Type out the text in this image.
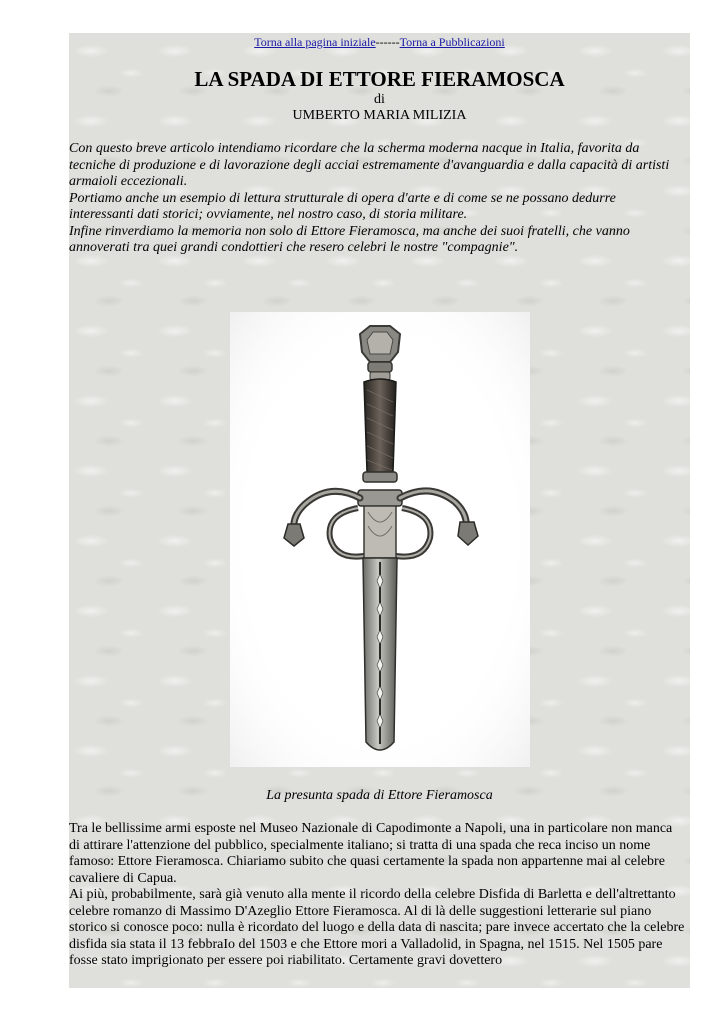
Torna alla pagina iniziale------Torna a Pubblicazioni
LA SPADA DI ETTORE FIERAMOSCA
di
UMBERTO MARIA MILIZIA

Con questo breve articolo intendiamo ricordare che la scherma moderna nacque in Italia, favorita da tecniche di produzione e di lavorazione degli acciai estremamente d'avanguardia e dalla capacità di artisti armaioli eccezionali.

Portiamo anche un esempio di lettura strutturale di opera d'arte e di come se ne possano dedurre interessanti dati storici; ovviamente, nel nostro caso, di storia militare.

Infine rinverdiamo la memoria non solo di Ettore Fieramosca, ma anche dei suoi fratelli, che vanno annoverati tra quei grandi condottieri che resero celebri le nostre "compagnie".

La presunta spada di Ettore Fieramosca

Tra le bellissime armi esposte nel Museo Nazionale di Capodimonte a Napoli, una in particolare non manca di attirare l'attenzione del pubblico, specialmente italiano; si tratta di una spada che reca inciso un nome famoso: Ettore Fieramosca. Chiariamo subito che quasi certamente la spada non appartenne mai al celebre cavaliere di Capua.

Ai più, probabilmente, sarà già venuto alla mente il ricordo della celebre Disfida di Barletta e dell'altrettanto celebre romanzo di Massimo D'Azeglio Ettore Fieramosca. Al di là delle suggestioni letterarie sul piano storico si conosce poco: nulla è ricordato del luogo e della data di nascita; pare invece accertato che la celebre disfida sia stata il 13 febbraIo del 1503 e che Ettore mori a Valladolid, in Spagna, nel 1515. Nel 1505 pare fosse stato imprigionato per essere poi riabilitato. Certamente gravi dovettero
